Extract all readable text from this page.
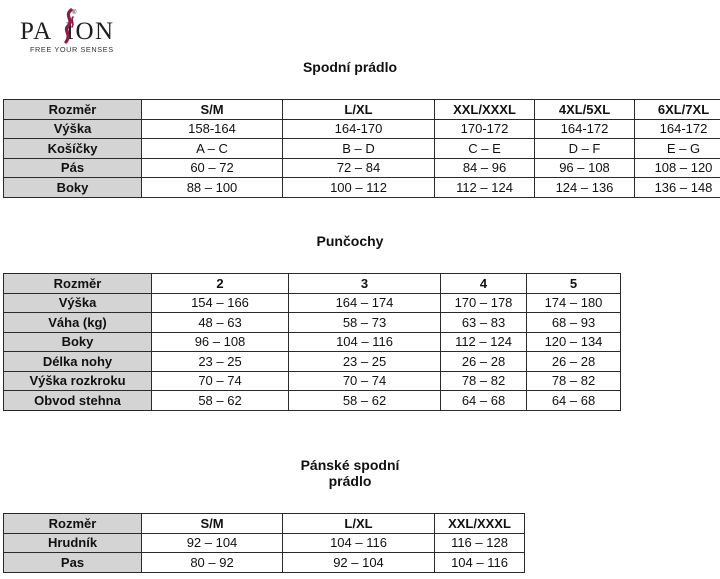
PA ION
®
FREE YOUR SENSES
Spodní prádlo
Rozměr	S/M	L/XL	XXL/XXXL	4XL/5XL	6XL/7XL
Výška	158-164	164-170	170-172	164-172	164-172
Košíčky	A – C	B – D	C – E	D – F	E – G
Pás	60 – 72	72 – 84	84 – 96	96 – 108	108 – 120
Boky	88 – 100	100 – 112	112 – 124	124 – 136	136 – 148
Punčochy
Rozměr	2	3	4	5
Výška	154 – 166	164 – 174	170 – 178	174 – 180
Váha (kg)	48 – 63	58 – 73	63 – 83	68 – 93
Boky	96 – 108	104 – 116	112 – 124	120 – 134
Délka nohy	23 – 25	23 – 25	26 – 28	26 – 28
Výška rozkroku	70 – 74	70 – 74	78 – 82	78 – 82
Obvod stehna	58 – 62	58 – 62	64 – 68	64 – 68
Pánské spodní
prádlo
Rozměr	S/M	L/XL	XXL/XXXL
Hrudník	92 – 104	104 – 116	116 – 128
Pas	80 – 92	92 – 104	104 – 116
